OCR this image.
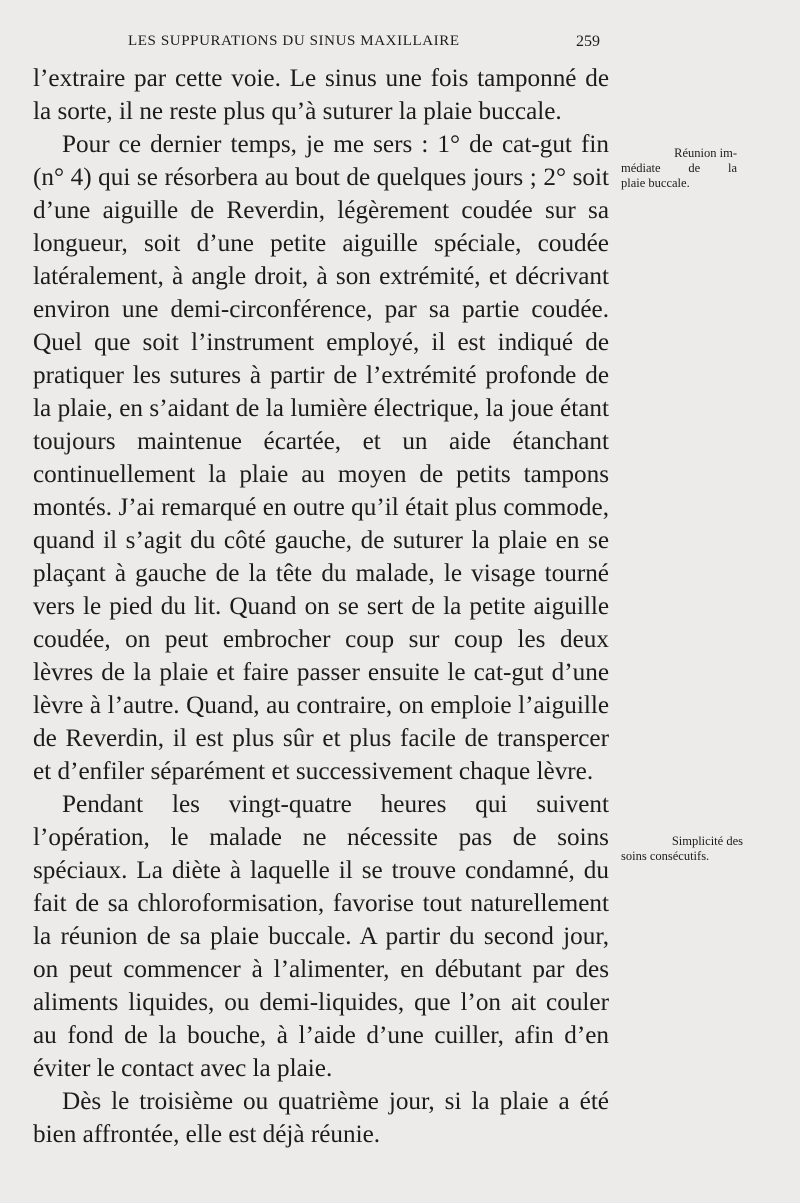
LES SUPPURATIONS DU SINUS MAXILLAIRE	259

l’extraire par cette voie. Le sinus une fois tamponné de la sorte, il ne reste plus qu’à suturer la plaie buccale.

Pour ce dernier temps, je me sers : 1° de cat-gut fin (n° 4) qui se résorbera au bout de quelques jours ; 2° soit d’une aiguille de Reverdin, légèrement coudée sur sa longueur, soit d’une petite aiguille spéciale, coudée latéralement, à angle droit, à son extrémité, et décrivant environ une demi-circonférence, par sa partie coudée. Quel que soit l’instrument employé, il est indiqué de pratiquer les sutures à partir de l’extrémité profonde de la plaie, en s’aidant de la lumière électrique, la joue étant toujours maintenue écartée, et un aide étanchant continuellement la plaie au moyen de petits tampons montés. J’ai remarqué en outre qu’il était plus commode, quand il s’agit du côté gauche, de suturer la plaie en se plaçant à gauche de la tête du malade, le visage tourné vers le pied du lit. Quand on se sert de la petite aiguille coudée, on peut embrocher coup sur coup les deux lèvres de la plaie et faire passer ensuite le cat-gut d’une lèvre à l’autre. Quand, au contraire, on emploie l’aiguille de Reverdin, il est plus sûr et plus facile de transpercer et d’enfiler séparément et successivement chaque lèvre.

Pendant les vingt-quatre heures qui suivent l’opération, le malade ne nécessite pas de soins spéciaux. La diète à laquelle il se trouve condamné, du fait de sa chloroformisation, favorise tout naturellement la réunion de sa plaie buccale. A partir du second jour, on peut commencer à l’alimenter, en débutant par des aliments liquides, ou demi-liquides, que l’on ait couler au fond de la bouche, à l’aide d’une cuiller, afin d’en éviter le contact avec la plaie.

Dès le troisième ou quatrième jour, si la plaie a été bien affrontée, elle est déjà réunie.

Réunion im-
médiate de la
plaie buccale.
Simplicité des
soins consécutifs.
